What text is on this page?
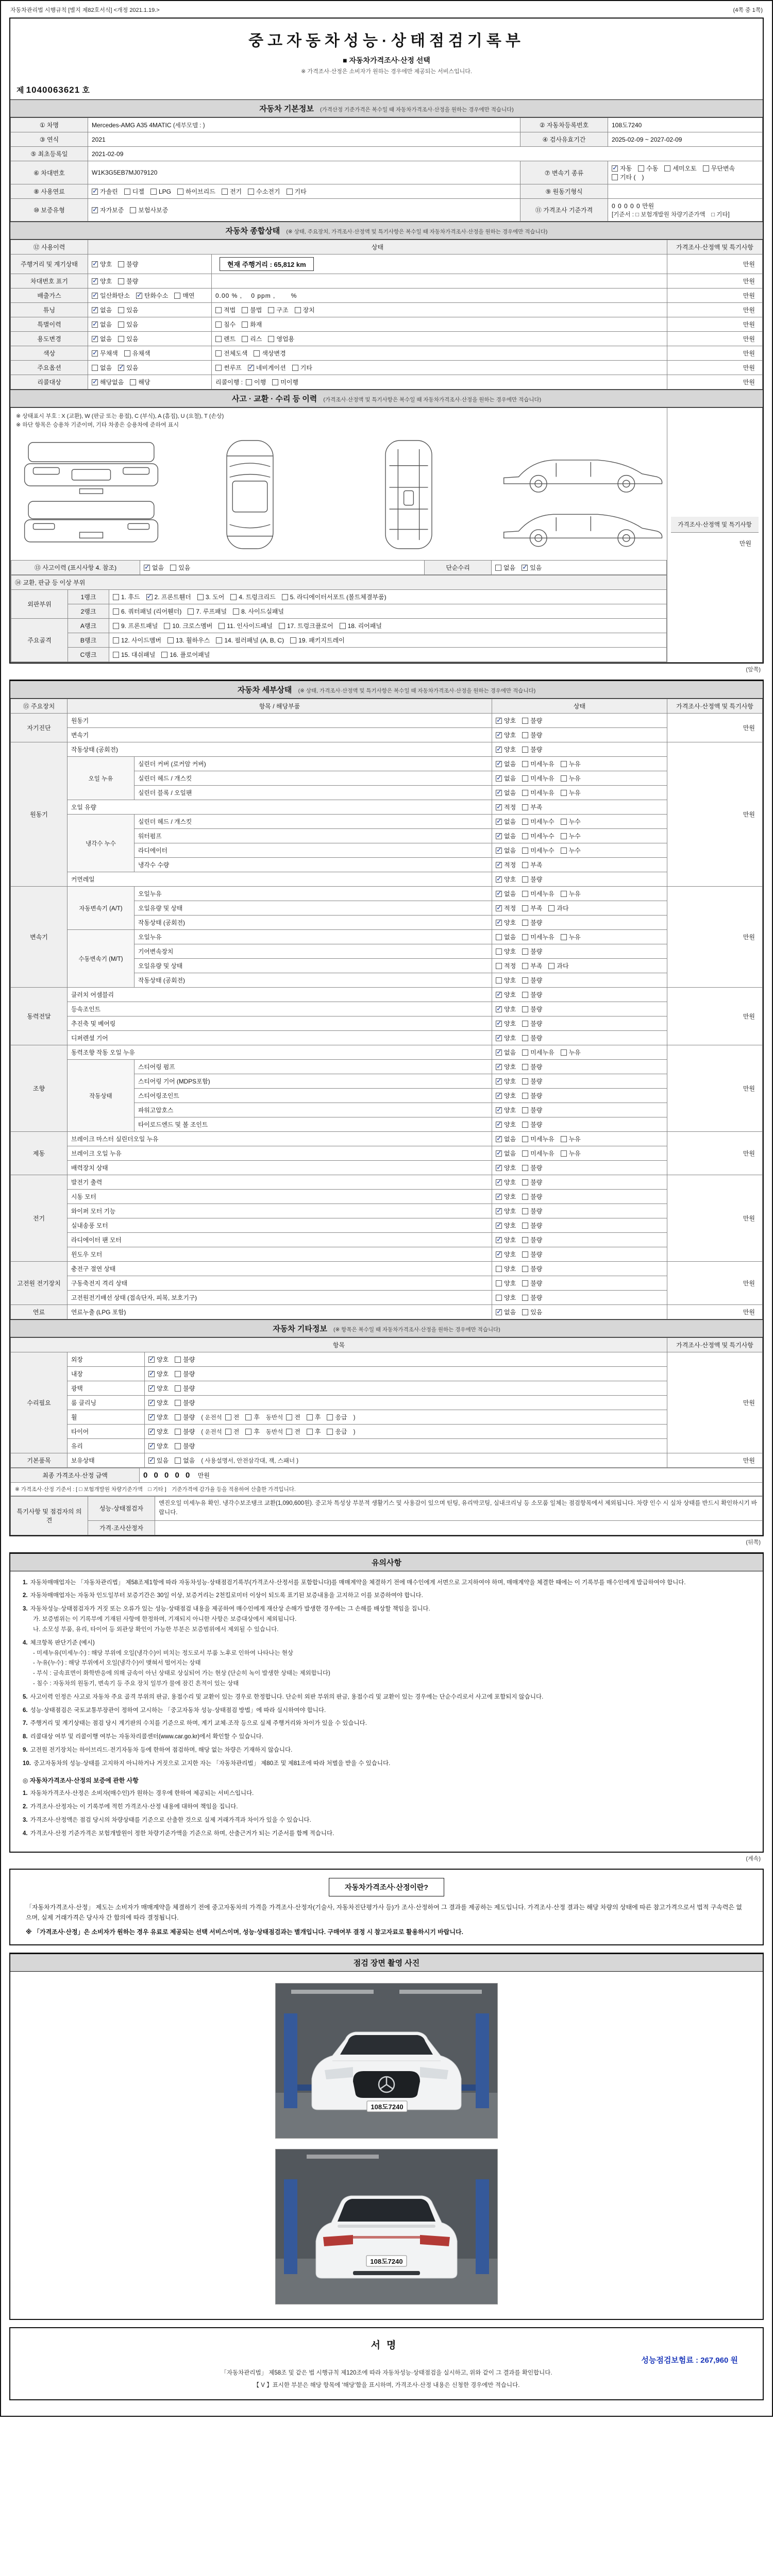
자동차관리법 시행규칙 [별지 제82호서식] <개정 2021.1.19.>	(4쪽 중 1쪽)
중고자동차성능·상태점검기록부
■ 자동차가격조사·산정 선택
※ 가격조사·산정은 소비자가 원하는 경우에만 제공되는 서비스입니다.
제 1040063621 호
자동차 기본정보 (가격산정 기준가격은 복수일 때 자동차가격조사·산정을 원하는 경우에만 적습니다)
① 차명	Mercedes-AMG A35 4MATIC (세부모델 : )	② 자동차등록번호	108도7240
③ 연식	2021	④ 검사유효기간	2025-02-09 ~ 2027-02-09
⑤ 최초등록일	2021-02-09		
⑥ 차대번호	W1K3G5EB7MJ079120	⑦ 변속기 종류	✓자동 수동 세미오토 무단변속기타 (　)
⑧ 사용연료	✓가솔린 디젤 LPG 하이브리드 전기 수소전기 기타	⑨ 원동기형식	
⑩ 보증유형	✓자가보증 보험사보증	⑪ 가격조사 기준가격	0 0 0 0 0 만원
[기준서 : □ 보험개발원 차량기준가액　□ 기타]
자동차 종합상태 (※ 상태, 주요장치, 가격조사·산정액 및 특기사항은 복수일 때 자동차가격조사·산정을 원하는 경우에만 적습니다)
⑫ 사용이력	상태		가격조사·산정액 및 특기사항
주행거리 및 계기상태	✓양호 불량	현재 주행거리 : 65,812 km	만원
차대번호 표기	✓양호 불량		만원
배출가스	✓일산화탄소 ✓ 탄화수소 매연	0.00 % ,　 0 ppm ,　　 %	만원
튜닝	✓없음 있음	적법 불법 구조 장치	만원
특별이력	✓없음 있음	침수 화재	만원
용도변경	✓없음 있음	렌트 리스 영업용	만원
색상	✓무채색 유채색	전체도색 색상변경	만원
주요옵션	없음 ✓ 있음	썬루프 ✓ 네비게이션 기타	만원
리콜대상	✓해당없음 해당	리콜이행 : 이행 미이행	만원
사고 · 교환 · 수리 등 이력 (가격조사·산정액 및 특기사항은 복수일 때 자동차가격조사·산정을 원하는 경우에만 적습니다)
※ 상태표시 부호 : X (교환), W (판금 또는 용접), C (부식), A (흠집), U (요철), T (손상)
※ 하단 항목은 승용차 기준이며, 기타 차종은 승용차에 준하여 표시
⑬ 사고이력 (표시사항 4. 참조)	✓없음 있음	단순수리	없음 ✓ 있음
⑭ 교환, 판금 등 이상 부위
외판부위	1랭크	1. 후드 ✓ 2. 프론트휀더 3. 도어 4. 트렁크리드 5. 라디에이터서포트 (볼트체결부품)
2랭크	6. 쿼터패널 (리어휀더) 7. 루프패널 8. 사이드실패널
주요골격	A랭크	9. 프론트패널 10. 크로스멤버 11. 인사이드패널 17. 트렁크플로어 18. 리어패널
B랭크	12. 사이드멤버 13. 휠하우스 14. 필러패널 (A, B, C) 19. 패키지트레이
C랭크	15. 대쉬패널 16. 플로어패널

가격조사·산정액 및 특기사항
만원
(앞쪽)
자동차 세부상태 (※ 상태, 가격조사·산정액 및 특기사항은 복수일 때 자동차가격조사·산정을 원하는 경우에만 적습니다)
⑮ 주요장치	항목 / 해당부품		상태	가격조사·산정액 및 특기사항
자기진단	원동기	✓양호 불량	만원
	변속기	✓양호 불량
원동기	작동상태 (공회전)	✓양호 불량	만원
	오일 누유	실린더 커버 (로커암 커버)	✓없음 미세누유 누유
		실린더 헤드 / 개스킷	✓없음 미세누유 누유
		실린더 블록 / 오일팬	✓없음 미세누유 누유
	오일 유량	✓적정 부족
	냉각수 누수	실린더 헤드 / 개스킷	✓없음 미세누수 누수
		워터펌프	✓없음 미세누수 누수
		라디에이터	✓없음 미세누수 누수
		냉각수 수량	✓적정 부족
	커먼레일	✓양호 불량
변속기	자동변속기 (A/T)	오일누유	✓없음 미세누유 누유	만원
		오일유량 및 상태	✓적정 부족 과다
		작동상태 (공회전)	✓양호 불량
	수동변속기 (M/T)	오일누유	없음 미세누유 누유	
		기어변속장치	양호 불량	
		오일유량 및 상태	적정 부족 과다	
		작동상태 (공회전)	양호 불량	
동력전달	클러치 어셈블리	✓양호 불량	만원
	등속조인트	✓양호 불량
	추진축 및 베어링	✓양호 불량
	디퍼렌셜 기어	✓양호 불량
조향	동력조향 작동 오일 누유	✓없음 미세누유 누유	만원
	작동상태	스티어링 펌프	✓양호 불량
		스티어링 기어 (MDPS포함)	✓양호 불량
		스티어링조인트	✓양호 불량
		파워고압호스	✓양호 불량
		타이로드엔드 및 볼 조인트	✓양호 불량
제동	브레이크 마스터 실린더오일 누유	✓없음 미세누유 누유	만원
	브레이크 오일 누유	✓없음 미세누유 누유
	배력장치 상태	✓양호 불량
전기	발전기 출력	✓양호 불량	만원
	시동 모터	✓양호 불량
	와이퍼 모터 기능	✓양호 불량
	실내송풍 모터	✓양호 불량
	라디에이터 팬 모터	✓양호 불량
	윈도우 모터	✓양호 불량
고전원 전기장치	충전구 절연 상태		양호 불량	만원
	구동축전지 격리 상태		양호 불량	
	고전원전기배선 상태 (접속단자, 피복, 보호기구)		양호 불량	
연료	연료누출 (LPG 포함)	✓없음 있음	만원
자동차 기타정보 (※ 항목은 복수일 때 자동차가격조사·산정을 원하는 경우에만 적습니다)
항목			가격조사·산정액 및 특기사항
수리필요	외장	✓양호 불량	만원
	내장	✓양호 불량
	광택	✓양호 불량
	룸 클리닝	✓양호 불량
	휠	✓양호 불량 ( 운전석 전 후 동반석 전 후 응급 )
	타이어	✓양호 불량 ( 운전석 전 후 동반석 전 후 응급 )
	유리	✓양호 불량
기본품목	보유상태	✓있음 없음 ( 사용설명서, 안전삼각대, 잭, 스패너 )	만원
최종 가격조사·산정 금액	0 0 0 0 0 만원
※ 가격조사·산정 기준서 : [ □ 보험개발원 차량기준가액　□ 기타 ]　기준가격에 감가율 등을 적용하여 산출한 가격입니다.
특기사항 및 점검자의 의견	성능·상태점검자	엔진오일 미세누유 확인. 냉각수보조탱크 교환(1,090,600원). 중고차 특성상 부분적 생활기스 및 사용감이 있으며 틴팅, 유리막코팅, 실내크리닝 등 소모품 일체는 점검항목에서 제외됩니다. 차량 인수 시 실차 상태를 반드시 확인하시기 바랍니다.
	가격·조사산정자	
(뒤쪽)
유의사항
1. 자동차매매업자는 「자동차관리법」 제58조제1항에 따라 자동차성능·상태점검기록부(가격조사·산정서를 포함합니다)를 매매계약을 체결하기 전에 매수인에게 서면으로 고지하여야 하며, 매매계약을 체결한 때에는 이 기록부를 매수인에게 발급하여야 합니다.
2. 자동차매매업자는 자동차 인도일부터 보증기간은 30일 이상, 보증거리는 2천킬로미터 이상이 되도록 표기된 보증내용을 고지하고 이를 보증하여야 합니다.
3. 자동차성능·상태점검자가 거짓 또는 오류가 있는 성능·상태점검 내용을 제공하여 매수인에게 재산상 손해가 발생한 경우에는 그 손해를 배상할 책임을 집니다.
가. 보증범위는 이 기록부에 기재된 사항에 한정하며, 기재되지 아니한 사항은 보증대상에서 제외됩니다.
나. 소모성 부품, 유리, 타이어 등 외관상 확인이 가능한 부분은 보증범위에서 제외될 수 있습니다.
4. 체크항목 판단기준 (예시)
- 미세누유(미세누수) : 해당 부위에 오일(냉각수)이 비치는 정도로서 부품 노후로 인하여 나타나는 현상
- 누유(누수) : 해당 부위에서 오일(냉각수)이 맺혀서 떨어지는 상태
- 부식 : 금속표면이 화학반응에 의해 금속이 아닌 상태로 상실되어 가는 현상 (단순히 녹이 발생한 상태는 제외합니다)
- 침수 : 자동차의 원동기, 변속기 등 주요 장치 일부가 물에 잠긴 흔적이 있는 상태
5. 사고이력 인정은 사고로 자동차 주요 골격 부위의 판금, 용접수리 및 교환이 있는 경우로 한정합니다. 단순히 외판 부위의 판금, 용접수리 및 교환이 있는 경우에는 단순수리로서 사고에 포함되지 않습니다.
6. 성능·상태점검은 국토교통부장관이 정하여 고시하는 「중고자동차 성능·상태점검 방법」에 따라 실시하여야 합니다.
7. 주행거리 및 계기상태는 점검 당시 계기판의 수치를 기준으로 하며, 계기 교체·조작 등으로 실제 주행거리와 차이가 있을 수 있습니다.
8. 리콜대상 여부 및 리콜이행 여부는 자동차리콜센터(www.car.go.kr)에서 확인할 수 있습니다.
9. 고전원 전기장치는 하이브리드·전기자동차 등에 한하여 점검하며, 해당 없는 차량은 기재하지 않습니다.
10. 중고자동차의 성능·상태를 고지하지 아니하거나 거짓으로 고지한 자는 「자동차관리법」 제80조 및 제81조에 따라 처벌을 받을 수 있습니다.
◎ 자동차가격조사·산정의 보증에 관한 사항
1. 자동차가격조사·산정은 소비자(매수인)가 원하는 경우에 한하여 제공되는 서비스입니다.
2. 가격조사·산정자는 이 기록부에 적힌 가격조사·산정 내용에 대하여 책임을 집니다.
3. 가격조사·산정액은 점검 당시의 차량상태를 기준으로 산출한 것으로 실제 거래가격과 차이가 있을 수 있습니다.
4. 가격조사·산정 기준가격은 보험개발원이 정한 차량기준가액을 기준으로 하며, 산출근거가 되는 기준서를 함께 적습니다.
(계속)
자동차가격조사·산정이란?
「자동차가격조사·산정」 제도는 소비자가 매매계약을 체결하기 전에 중고자동차의 가격을 가격조사·산정자(기술사, 자동차진단평가사 등)가 조사·산정하여 그 결과를 제공하는 제도입니다. 가격조사·산정 결과는 해당 차량의 상태에 따른 참고가격으로서 법적 구속력은 없으며, 실제 거래가격은 당사자 간 합의에 따라 결정됩니다.
※ 「가격조사·산정」은 소비자가 원하는 경우 유료로 제공되는 선택 서비스이며, 성능·상태점검과는 별개입니다. 구매여부 결정 시 참고자료로 활용하시기 바랍니다.
점검 장면 촬영 사진
108도7240
108도7240
서명
성능점검보험료 : 267,960 원
「자동차관리법」 제58조 및 같은 법 시행규칙 제120조에 따라 자동차성능·상태점검을 실시하고, 위와 같이 그 결과를 확인합니다.
【 V 】표시한 부분은 해당 항목에 '해당'함을 표시하며, 가격조사·산정 내용은 신청한 경우에만 적습니다.
